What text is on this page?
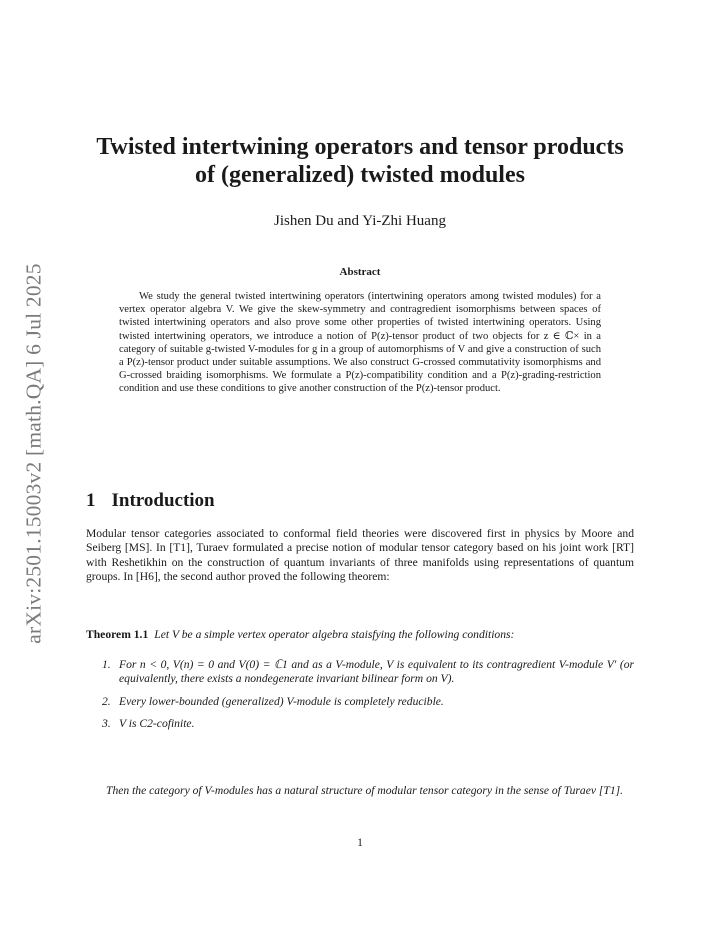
arXiv:2501.15003v2 [math.QA] 6 Jul 2025
Twisted intertwining operators and tensor products of (generalized) twisted modules
Jishen Du and Yi-Zhi Huang
Abstract

We study the general twisted intertwining operators (intertwining operators among twisted modules) for a vertex operator algebra V. We give the skew-symmetry and contragredient isomorphisms between spaces of twisted intertwining operators and also prove some other properties of twisted intertwining operators. Using twisted intertwining operators, we introduce a notion of P(z)-tensor product of two objects for z ∈ ℂ× in a category of suitable g-twisted V-modules for g in a group of automorphisms of V and give a construction of such a P(z)-tensor product under suitable assumptions. We also construct G-crossed commutativity isomorphisms and G-crossed braiding isomorphisms. We formulate a P(z)-compatibility condition and a P(z)-grading-restriction condition and use these conditions to give another construction of the P(z)-tensor product.

1 Introduction

Modular tensor categories associated to conformal field theories were discovered first in physics by Moore and Seiberg [MS]. In [T1], Turaev formulated a precise notion of modular tensor category based on his joint work [RT] with Reshetikhin on the construction of quantum invariants of three manifolds using representations of quantum groups. In [H6], the second author proved the following theorem:

Theorem 1.1 Let V be a simple vertex operator algebra staisfying the following conditions:

1. For n < 0, V(n) = 0 and V(0) = ℂ1 and as a V-module, V is equivalent to its contragredient V-module V′ (or equivalently, there exists a nondegenerate invariant bilinear form on V).
2. Every lower-bounded (generalized) V-module is completely reducible.
3. V is C2-cofinite.

Then the category of V-modules has a natural structure of modular tensor category in the sense of Turaev [T1].

1
